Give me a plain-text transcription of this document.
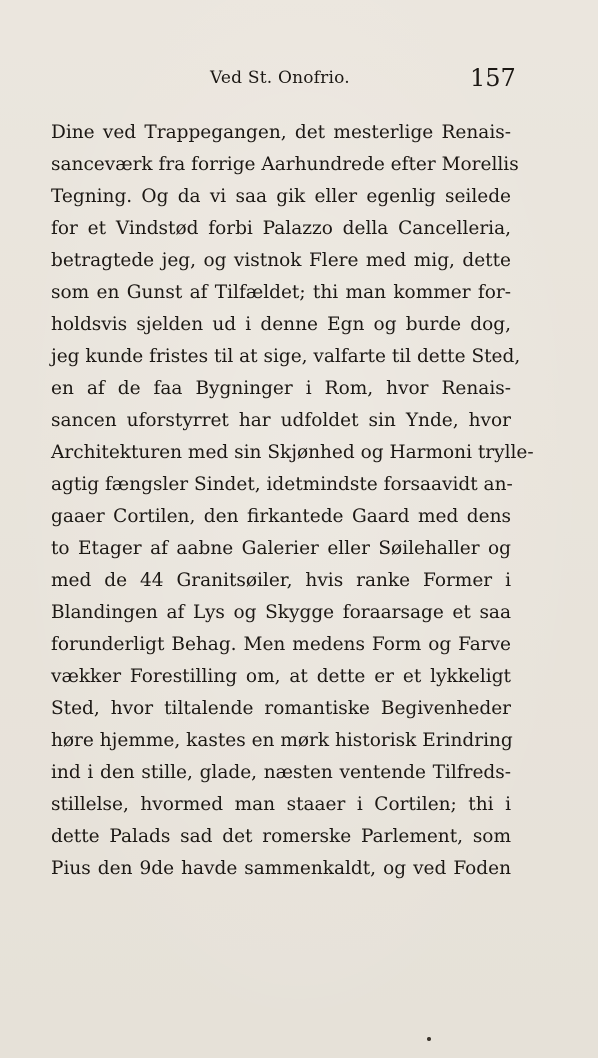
Ved St. Onofrio.	157
Dine ved Trappegangen, det mesterlige Renais-
sanceværk fra forrige Aarhundrede efter Morellis
Tegning. Og da vi saa gik eller egenlig seilede
for et Vindstød forbi Palazzo della Cancelleria,
betragtede jeg, og vistnok Flere med mig, dette
som en Gunst af Tilfældet; thi man kommer for-
holdsvis sjelden ud i denne Egn og burde dog,
jeg kunde fristes til at sige, valfarte til dette Sted,
en af de faa Bygninger i Rom, hvor Renais-
sancen uforstyrret har udfoldet sin Ynde, hvor
Architekturen med sin Skjønhed og Harmoni trylle-
agtig fængsler Sindet, idetmindste forsaavidt an-
gaaer Cortilen, den firkantede Gaard med dens
to Etager af aabne Galerier eller Søilehaller og
med de 44 Granitsøiler, hvis ranke Former i
Blandingen af Lys og Skygge foraarsage et saa
forunderligt Behag. Men medens Form og Farve
vækker Forestilling om, at dette er et lykkeligt
Sted, hvor tiltalende romantiske Begivenheder
høre hjemme, kastes en mørk historisk Erindring
ind i den stille, glade, næsten ventende Tilfreds-
stillelse, hvormed man staaer i Cortilen; thi i
dette Palads sad det romerske Parlement, som
Pius den 9de havde sammenkaldt, og ved Foden
